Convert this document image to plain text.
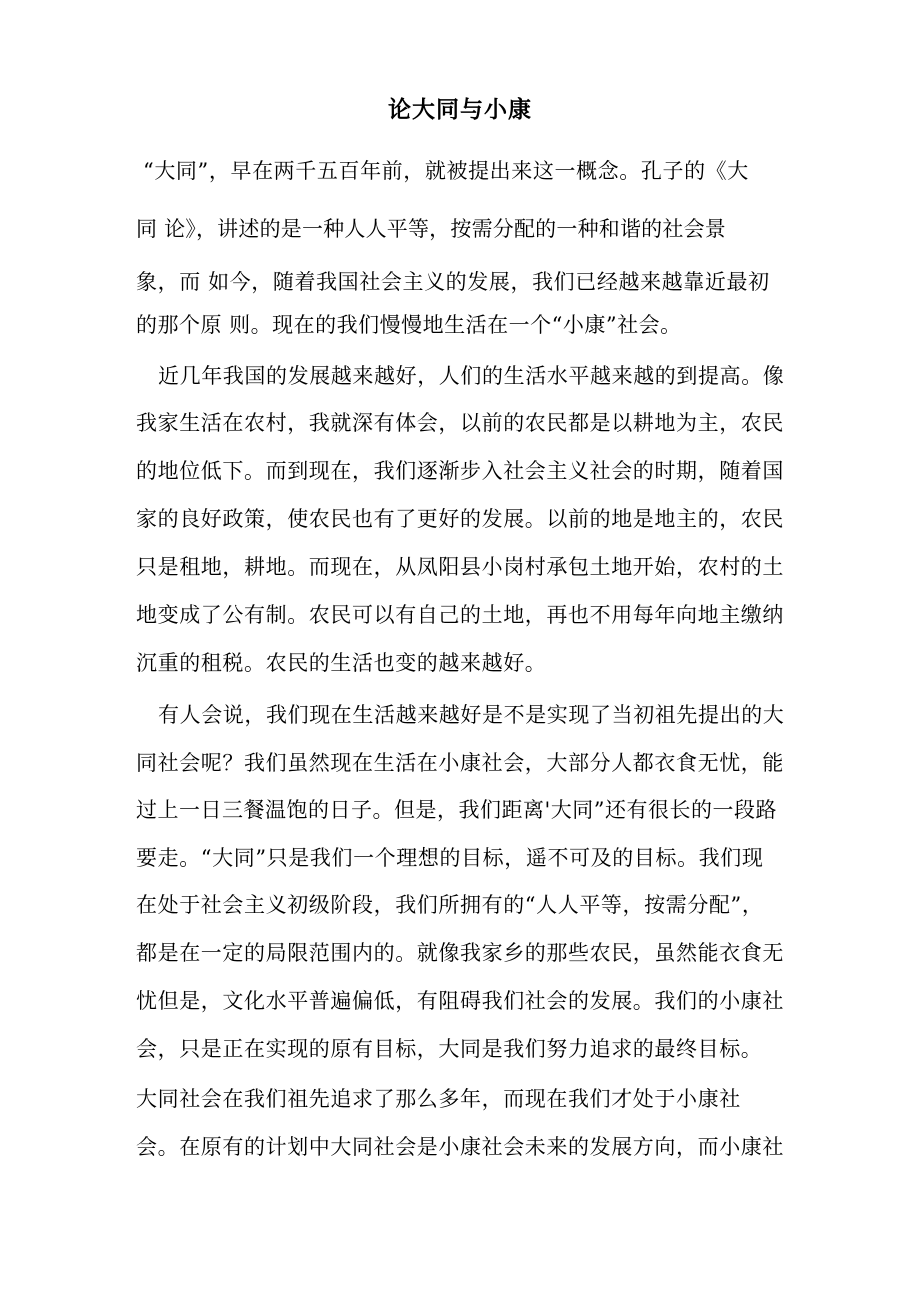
论大同与小康
“大同”，早在两千五百年前，就被提出来这一概念。孔子的《大
同 论》，讲述的是一种人人平等，按需分配的一种和谐的社会景
象，而 如今，随着我国社会主义的发展，我们已经越来越靠近最初
的那个原 则。现在的我们慢慢地生活在一个“小康”社会。
近几年我国的发展越来越好，人们的生活水平越来越的到提高。像
我家生活在农村，我就深有体会，以前的农民都是以耕地为主，农民
的地位低下。而到现在，我们逐渐步入社会主义社会的时期，随着国
家的良好政策，使农民也有了更好的发展。以前的地是地主的，农民
只是租地，耕地。而现在，从凤阳县小岗村承包土地开始，农村的土
地变成了公有制。农民可以有自己的土地，再也不用每年向地主缴纳
沉重的租税。农民的生活也变的越来越好。
有人会说，我们现在生活越来越好是不是实现了当初祖先提出的大
同社会呢？我们虽然现在生活在小康社会，大部分人都衣食无忧，能
过上一日三餐温饱的日子。但是，我们距离'大同”还有很长的一段路
要走。“大同”只是我们一个理想的目标，遥不可及的目标。我们现
在处于社会主义初级阶段，我们所拥有的“人人平等，按需分配”，
都是在一定的局限范围内的。就像我家乡的那些农民，虽然能衣食无
忧但是，文化水平普遍偏低，有阻碍我们社会的发展。我们的小康社
会，只是正在实现的原有目标，大同是我们努力追求的最终目标。
大同社会在我们祖先追求了那么多年，而现在我们才处于小康社
会。在原有的计划中大同社会是小康社会未来的发展方向，而小康社
